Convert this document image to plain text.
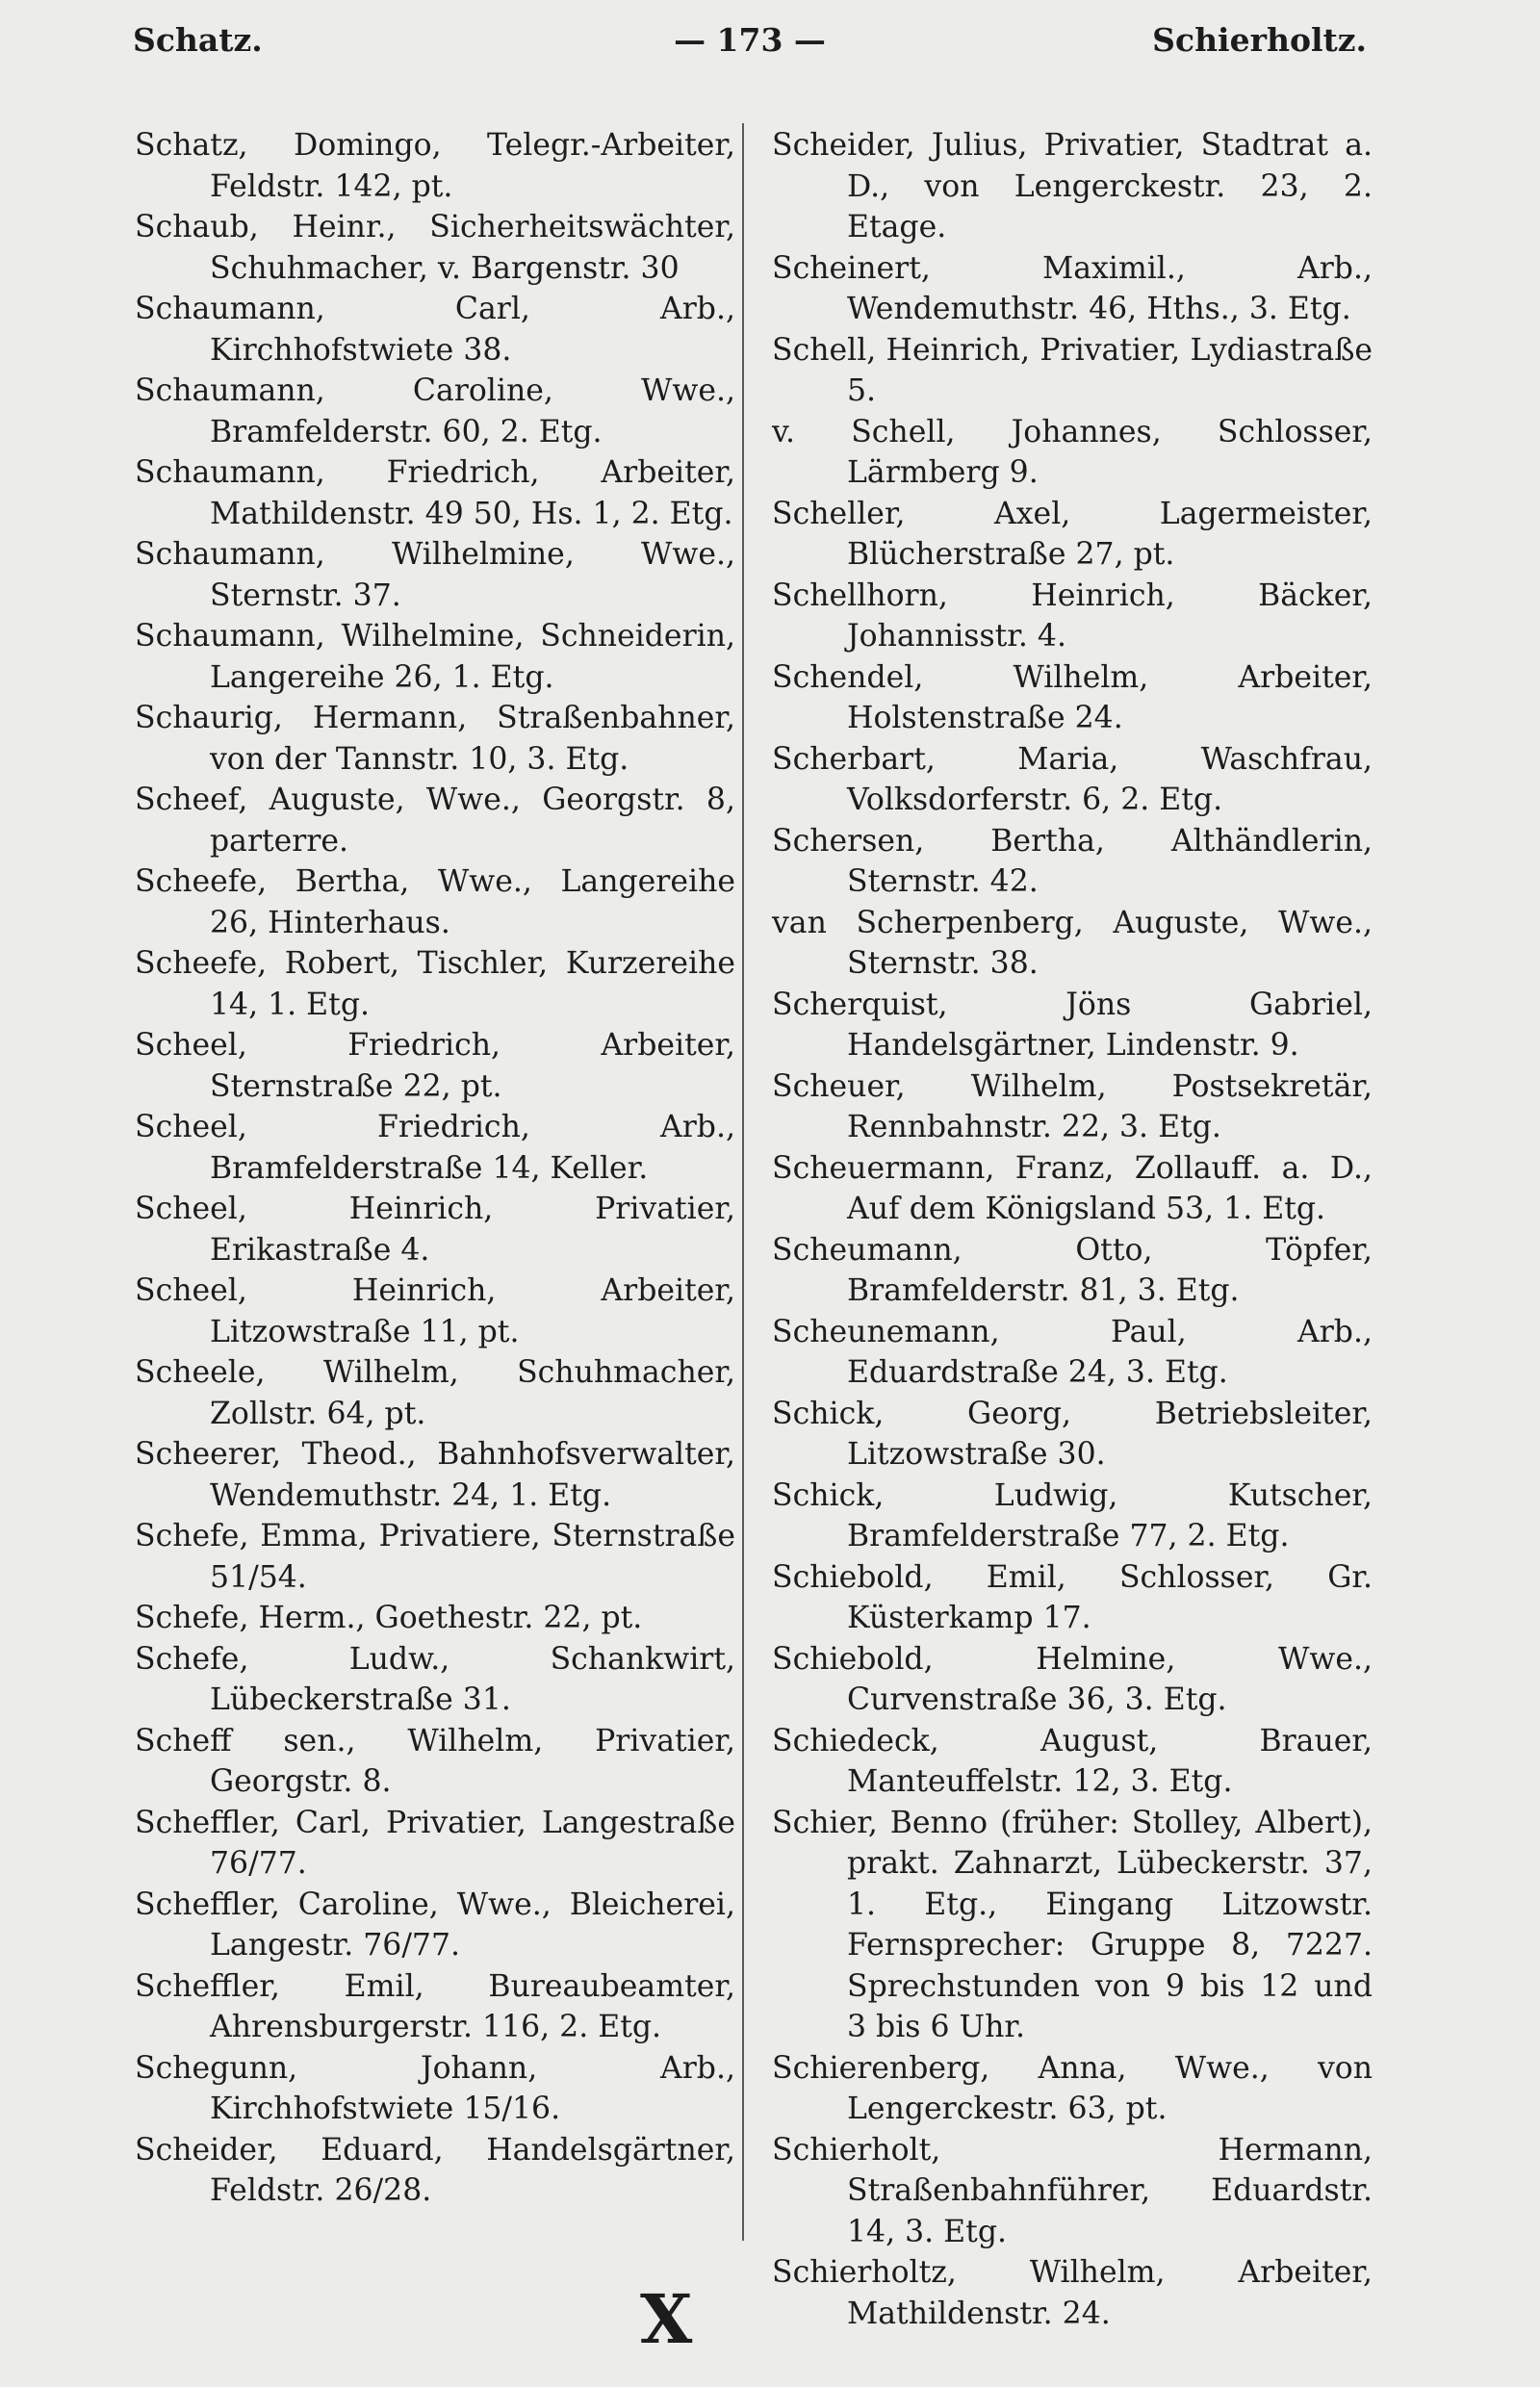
Schatz.	— 173 —	Schierholtz.

Schatz, Domingo, Telegr.-Arbeiter, Feldstr. 142, pt.

Schaub, Heinr., Sicherheitswächter, Schuhmacher, v. Bargenstr. 30

Schaumann, Carl, Arb., Kirchhofstwiete 38.

Schaumann, Caroline, Wwe., Bramfelderstr. 60, 2. Etg.

Schaumann, Friedrich, Arbeiter, Mathildenstr. 49 50, Hs. 1, 2. Etg.

Schaumann, Wilhelmine, Wwe., Sternstr. 37.

Schaumann, Wilhelmine, Schneiderin, Langereihe 26, 1. Etg.

Schaurig, Hermann, Straßenbahner, von der Tannstr. 10, 3. Etg.

Scheef, Auguste, Wwe., Georgstr. 8, parterre.

Scheefe, Bertha, Wwe., Langereihe 26, Hinterhaus.

Scheefe, Robert, Tischler, Kurzereihe 14, 1. Etg.

Scheel, Friedrich, Arbeiter, Sternstraße 22, pt.

Scheel, Friedrich, Arb., Bramfelderstraße 14, Keller.

Scheel, Heinrich, Privatier, Erikastraße 4.

Scheel, Heinrich, Arbeiter, Litzowstraße 11, pt.

Scheele, Wilhelm, Schuhmacher, Zollstr. 64, pt.

Scheerer, Theod., Bahnhofsverwalter, Wendemuthstr. 24, 1. Etg.

Schefe, Emma, Privatiere, Sternstraße 51/54.

Schefe, Herm., Goethestr. 22, pt.

Schefe, Ludw., Schankwirt, Lübeckerstraße 31.

Scheff sen., Wilhelm, Privatier, Georgstr. 8.

Scheffler, Carl, Privatier, Langestraße 76/77.

Scheffler, Caroline, Wwe., Bleicherei, Langestr. 76/77.

Scheffler, Emil, Bureaubeamter, Ahrensburgerstr. 116, 2. Etg.

Schegunn, Johann, Arb., Kirchhofstwiete 15/16.

Scheider, Eduard, Handelsgärtner, Feldstr. 26/28.

Scheider, Julius, Privatier, Stadtrat a. D., von Lengerckestr. 23, 2. Etage.

Scheinert, Maximil., Arb., Wendemuthstr. 46, Hths., 3. Etg.

Schell, Heinrich, Privatier, Lydiastraße 5.

v. Schell, Johannes, Schlosser, Lärmberg 9.

Scheller, Axel, Lagermeister, Blücherstraße 27, pt.

Schellhorn, Heinrich, Bäcker, Johannisstr. 4.

Schendel, Wilhelm, Arbeiter, Holstenstraße 24.

Scherbart, Maria, Waschfrau, Volksdorferstr. 6, 2. Etg.

Schersen, Bertha, Althändlerin, Sternstr. 42.

van Scherpenberg, Auguste, Wwe., Sternstr. 38.

Scherquist, Jöns Gabriel, Handelsgärtner, Lindenstr. 9.

Scheuer, Wilhelm, Postsekretär, Rennbahnstr. 22, 3. Etg.

Scheuermann, Franz, Zollauff. a. D., Auf dem Königsland 53, 1. Etg.

Scheumann, Otto, Töpfer, Bramfelderstr. 81, 3. Etg.

Scheunemann, Paul, Arb., Eduardstraße 24, 3. Etg.

Schick, Georg, Betriebsleiter, Litzowstraße 30.

Schick, Ludwig, Kutscher, Bramfelderstraße 77, 2. Etg.

Schiebold, Emil, Schlosser, Gr. Küsterkamp 17.

Schiebold, Helmine, Wwe., Curvenstraße 36, 3. Etg.

Schiedeck, August, Brauer, Manteuffelstr. 12, 3. Etg.

Schier, Benno (früher: Stolley, Albert), prakt. Zahnarzt, Lübeckerstr. 37, 1. Etg., Eingang Litzowstr. Fernsprecher: Gruppe 8, 7227. Sprechstunden von 9 bis 12 und 3 bis 6 Uhr.

Schierenberg, Anna, Wwe., von Lengerckestr. 63, pt.

Schierholt, Hermann, Straßenbahnführer, Eduardstr. 14, 3. Etg.

Schierholtz, Wilhelm, Arbeiter, Mathildenstr. 24.

X
